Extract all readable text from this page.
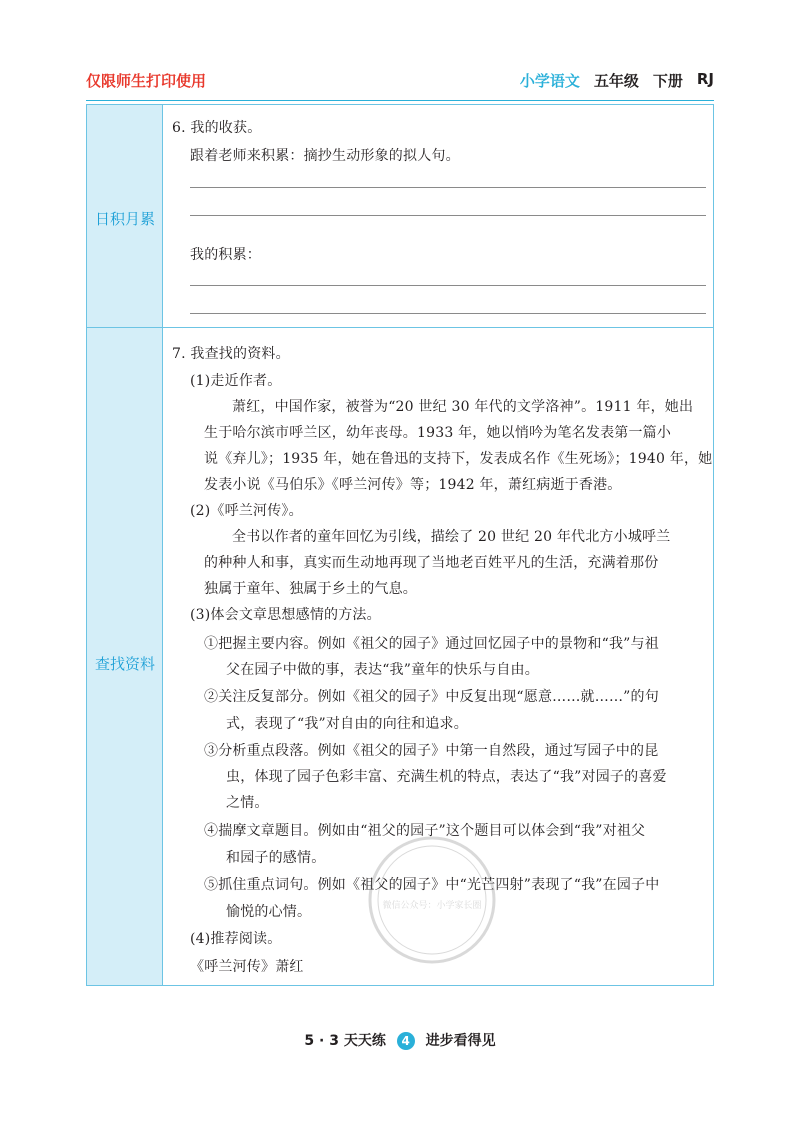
仅限师生打印使用	小学语文 五年级 下册 RJ
日积月累
查找资料
6. 我的收获。
跟着老师来积累：摘抄生动形象的拟人句。
我的积累：
7. 我查找的资料。
(1)走近作者。
萧红，中国作家，被誉为“20 世纪 30 年代的文学洛神”。1911 年，她出
生于哈尔滨市呼兰区，幼年丧母。1933 年，她以悄吟为笔名发表第一篇小
说《弃儿》；1935 年，她在鲁迅的支持下，发表成名作《生死场》；1940 年，她
发表小说《马伯乐》《呼兰河传》等；1942 年，萧红病逝于香港。
(2)《呼兰河传》。
全书以作者的童年回忆为引线，描绘了 20 世纪 20 年代北方小城呼兰
的种种人和事，真实而生动地再现了当地老百姓平凡的生活，充满着那份
独属于童年、独属于乡土的气息。
(3)体会文章思想感情的方法。
①把握主要内容。例如《祖父的园子》通过回忆园子中的景物和“我”与祖
父在园子中做的事，表达“我”童年的快乐与自由。
②关注反复部分。例如《祖父的园子》中反复出现“愿意……就……”的句
式，表现了“我”对自由的向往和追求。
③分析重点段落。例如《祖父的园子》中第一自然段，通过写园子中的昆
虫，体现了园子色彩丰富、充满生机的特点，表达了“我”对园子的喜爱
之情。
④揣摩文章题目。例如由“祖父的园子”这个题目可以体会到“我”对祖父
和园子的感情。
⑤抓住重点词句。例如《祖父的园子》中“光芒四射”表现了“我”在园子中
愉悦的心情。
(4)推荐阅读。
《呼兰河传》萧红
微信公众号：小学家长圈
5 · 3 天天练 4 进步看得见
